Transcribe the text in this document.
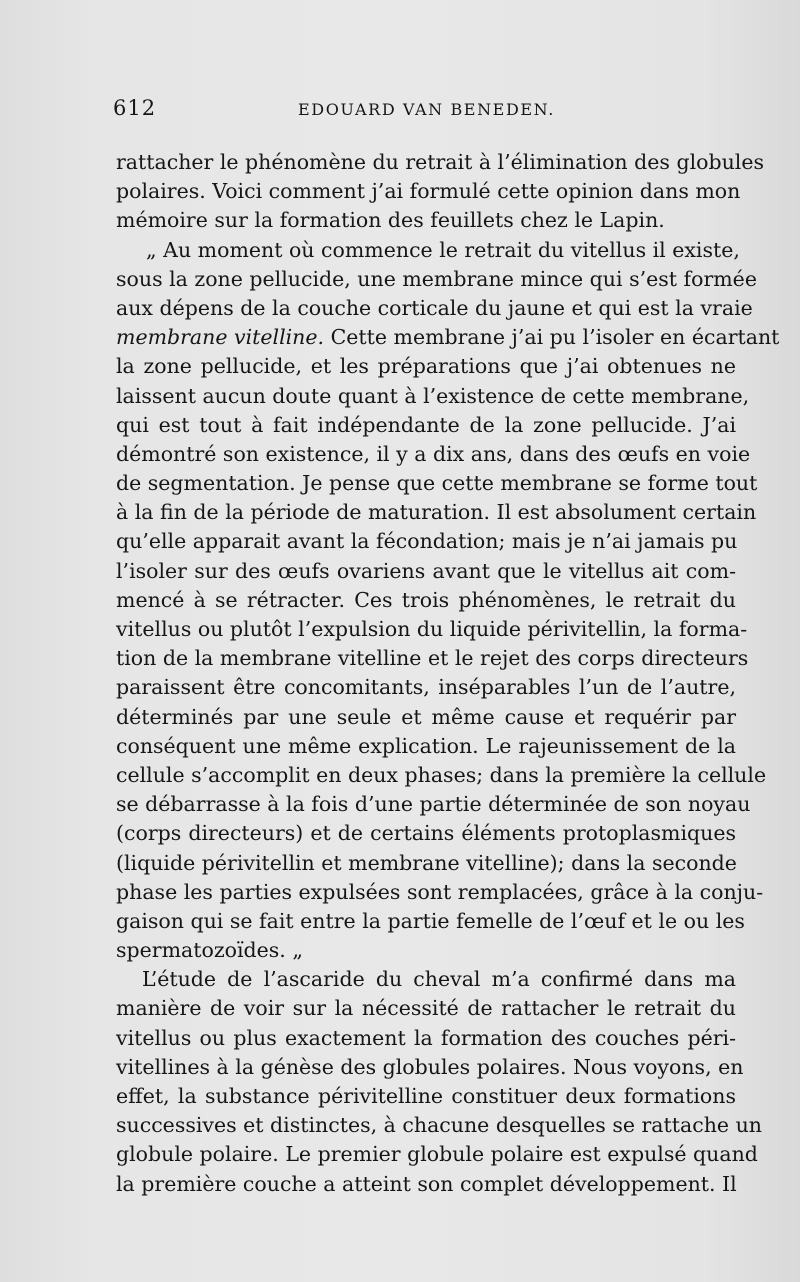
612	EDOUARD VAN BENEDEN.
rattacher le phénomène du retrait à l’élimination des globules
polaires. Voici comment j’ai formulé cette opinion dans mon
mémoire sur la formation des feuillets chez le Lapin.
„ Au moment où commence le retrait du vitellus il existe,
sous la zone pellucide, une membrane mince qui s’est formée
aux dépens de la couche corticale du jaune et qui est la vraie
membrane vitelline. Cette membrane j’ai pu l’isoler en écartant
la zone pellucide, et les préparations que j’ai obtenues ne
laissent aucun doute quant à l’existence de cette membrane,
qui est tout à fait indépendante de la zone pellucide. J’ai
démontré son existence, il y a dix ans, dans des œufs en voie
de segmentation. Je pense que cette membrane se forme tout
à la fin de la période de maturation. Il est absolument certain
qu’elle apparait avant la fécondation; mais je n’ai jamais pu
l’isoler sur des œufs ovariens avant que le vitellus ait com-
mencé à se rétracter. Ces trois phénomènes, le retrait du
vitellus ou plutôt l’expulsion du liquide périvitellin, la forma-
tion de la membrane vitelline et le rejet des corps directeurs
paraissent être concomitants, inséparables l’un de l’autre,
déterminés par une seule et même cause et requérir par
conséquent une même explication. Le rajeunissement de la
cellule s’accomplit en deux phases; dans la première la cellule
se débarrasse à la fois d’une partie déterminée de son noyau
(corps directeurs) et de certains éléments protoplasmiques
(liquide périvitellin et membrane vitelline); dans la seconde
phase les parties expulsées sont remplacées, grâce à la conju-
gaison qui se fait entre la partie femelle de l’œuf et le ou les
spermatozoïdes. „
L’étude de l’ascaride du cheval m’a confirmé dans ma
manière de voir sur la nécessité de rattacher le retrait du
vitellus ou plus exactement la formation des couches péri-
vitellines à la génèse des globules polaires. Nous voyons, en
effet, la substance périvitelline constituer deux formations
successives et distinctes, à chacune desquelles se rattache un
globule polaire. Le premier globule polaire est expulsé quand
la première couche a atteint son complet développement. Il
